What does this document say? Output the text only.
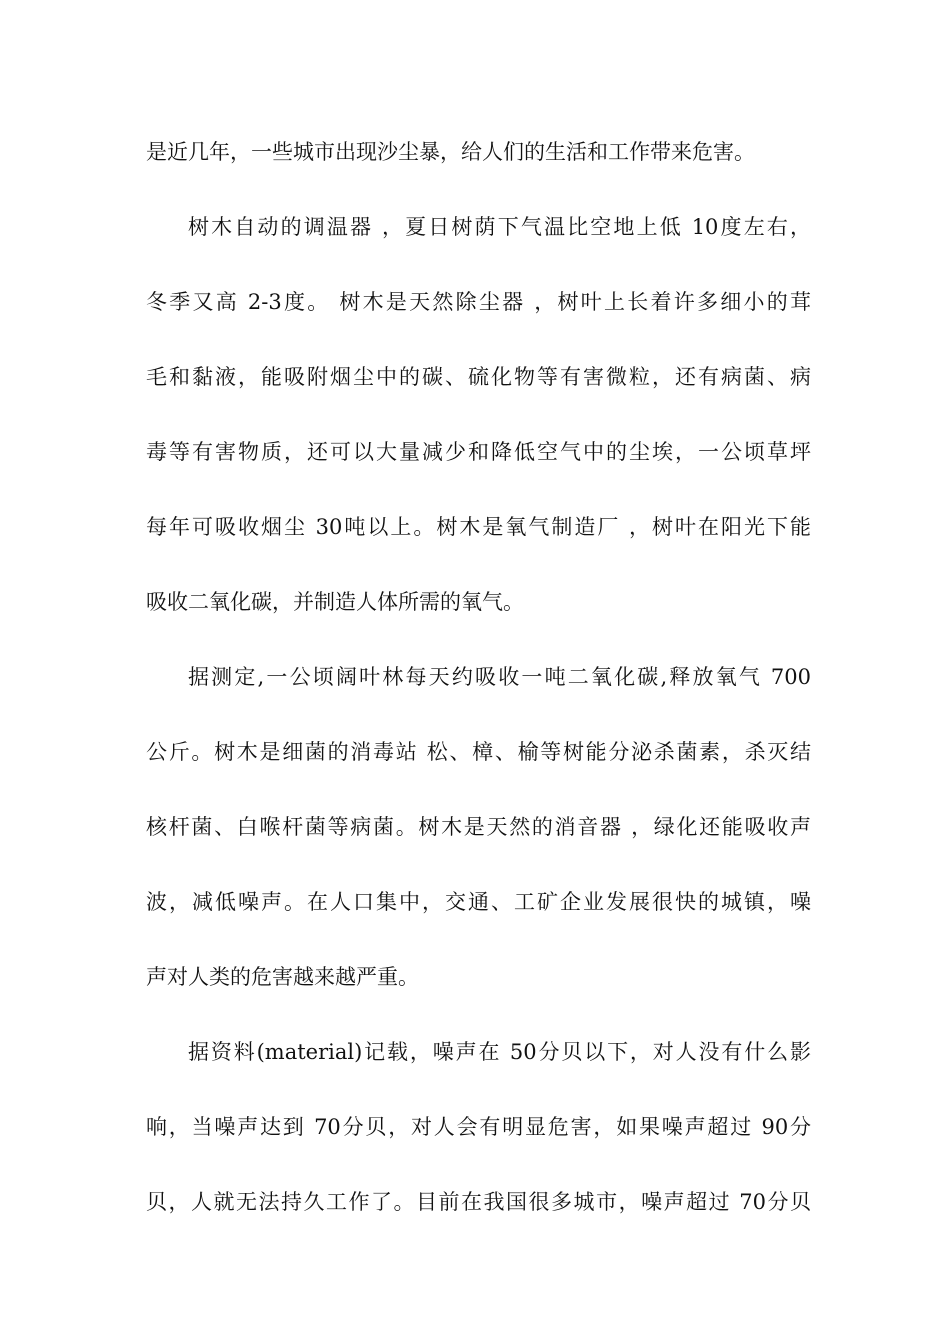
是近几年，一些城市出现沙尘暴，给人们的生活和工作带来危害。
树木自动的调温器 ，夏日树荫下气温比空地上低 10度左右，
冬季又高 2-3度。 树木是天然除尘器 ，树叶上长着许多细小的茸
毛和黏液，能吸附烟尘中的碳、硫化物等有害微粒，还有病菌、病
毒等有害物质，还可以大量减少和降低空气中的尘埃，一公顷草坪
每年可吸收烟尘 30吨以上。树木是氧气制造厂 ，树叶在阳光下能
吸收二氧化碳，并制造人体所需的氧气。
据测定,一公顷阔叶林每天约吸收一吨二氧化碳,释放氧气 700
公斤。树木是细菌的消毒站 松、樟、榆等树能分泌杀菌素，杀灭结
核杆菌、白喉杆菌等病菌。树木是天然的消音器 ，绿化还能吸收声
波，减低噪声。在人口集中，交通、工矿企业发展很快的城镇，噪
声对人类的危害越来越严重。
据资料(material)记载，噪声在 50分贝以下，对人没有什么影
响，当噪声达到 70分贝，对人会有明显危害，如果噪声超过 90分
贝，人就无法持久工作了。目前在我国很多城市，噪声超过 70分贝
